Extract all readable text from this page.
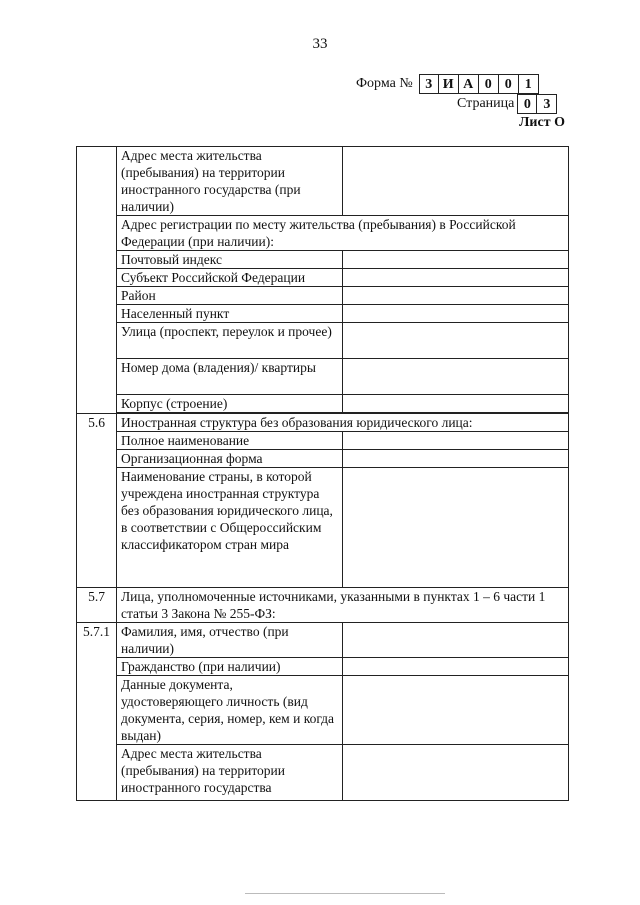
33
Форма № 3 И А 0 0 1
Страница 0 3
Лист О
	Адрес места жительства (пребывания) на территории иностранного государства (при наличии)	
	Адрес регистрации по месту жительства (пребывания) в Российской Федерации (при наличии):	
	Почтовый индекс	
	Субъект Российской Федерации	
	Район	
	Населенный пункт	
	Улица (проспект, переулок и прочее)	
	Номер дома (владения)/ квартиры	
	Корпус (строение)	

5.6	Иностранная структура без образования юридического лица:	
	Полное наименование	
	Организационная форма	
	Наименование страны, в которой учреждена иностранная структура без образования юридического лица, в соответствии с Общероссийским классификатором стран мира	
5.7	Лица, уполномоченные источниками, указанными в пунктах 1 – 6 части 1 статьи 3 Закона № 255-ФЗ:	
5.7.1	Фамилия, имя, отчество (при наличии)	
	Гражданство (при наличии)	
	Данные документа, удостоверяющего личность (вид документа, серия, номер, кем и когда выдан)	
	Адрес места жительства (пребывания) на территории иностранного государства	
